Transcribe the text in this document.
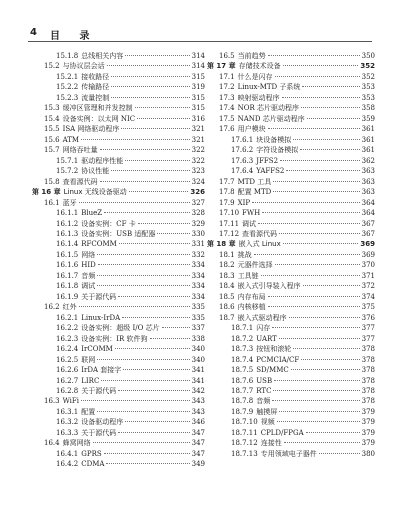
4 目 录
15.1.8 总线相关内容	314
15.2 与协议层会话	314
15.2.1 接收路径	315
15.2.2 传输路径	319
15.2.3 流量控制	315
15.3 缓冲区管理和并发控制	315
15.4 设备实例：以太网 NIC	316
15.5 ISA 网络驱动程序	321
15.6 ATM	321
15.7 网络吞吐量	322
15.7.1 驱动程序性能	322
15.7.2 协议性能	323
15.8 查看源代码	324
第 16 章 Linux 无线设备驱动	326
16.1 蓝牙	327
16.1.1 BlueZ	328
16.1.2 设备实例：CF 卡	329
16.1.3 设备实例：USB 适配器	330
16.1.4 RFCOMM	331
16.1.5 网络	332
16.1.6 HID	334
16.1.7 音频	334
16.1.8 调试	334
16.1.9 关于源代码	334
16.2 红外	335
16.2.1 Linux-IrDA	335
16.2.2 设备实例：超级 I/O 芯片	337
16.2.3 设备实例：IR 软件狗	338
16.2.4 IrCOMM	340
16.2.5 联网	340
16.2.6 IrDA 套接字	341
16.2.7 LIRC	341
16.2.8 关于源代码	342
16.3 WiFi	343
16.3.1 配置	343
16.3.2 设备驱动程序	346
16.3.3 关于源代码	347
16.4 蜂窝网络	347
16.4.1 GPRS	347
16.4.2 CDMA	349
16.5 当前趋势	350
第 17 章 存储技术设备	352
17.1 什么是闪存	352
17.2 Linux-MTD 子系统	353
17.3 映射驱动程序	353
17.4 NOR 芯片驱动程序	358
17.5 NAND 芯片驱动程序	359
17.6 用户模块	361
17.6.1 块设备模拟	361
17.6.2 字符设备模拟	361
17.6.3 JFFS2	362
17.6.4 YAFFS2	363
17.7 MTD 工具	363
17.8 配置 MTD	363
17.9 XIP	364
17.10 FWH	364
17.11 调试	367
17.12 查看源代码	367
第 18 章 嵌入式 Linux	369
18.1 挑战	369
18.2 元器件选择	370
18.3 工具链	371
18.4 嵌入式引导装入程序	372
18.5 内存布局	374
18.6 内核移植	375
18.7 嵌入式驱动程序	376
18.7.1 闪存	377
18.7.2 UART	377
18.7.3 按钮和滚轮	378
18.7.4 PCMCIA/CF	378
18.7.5 SD/MMC	378
18.7.6 USB	378
18.7.7 RTC	378
18.7.8 音频	378
18.7.9 触摸屏	379
18.7.10 视频	379
18.7.11 CPLD/FPGA	379
18.7.12 连接性	379
18.7.13 专用领域电子器件	380
